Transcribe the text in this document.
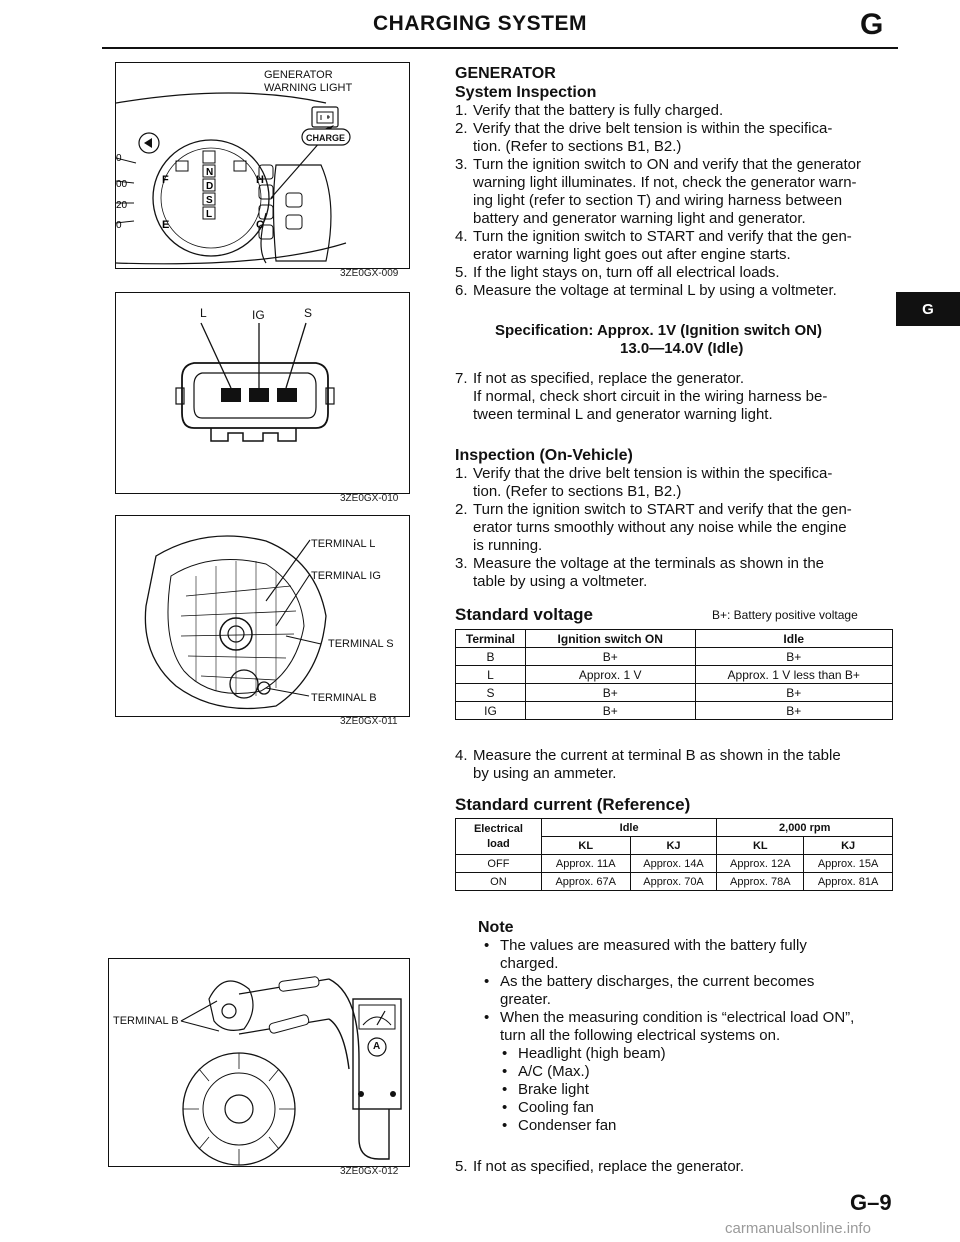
CHARGING SYSTEM	G
G
0
00
20
0
F	H
E	C
N
D
S
L
GENERATOR
WARNING LIGHT
CHARGE
3ZE0GX-009
L	IG	S
3ZE0GX-010
TERMINAL L
TERMINAL IG
TERMINAL S
TERMINAL B
3ZE0GX-011
TERMINAL B
A
3ZE0GX-012
GENERATOR
System Inspection
1. Verify that the battery is fully charged.
2. Verify that the drive belt tension is within the specifica-
tion. (Refer to sections B1, B2.)
3. Turn the ignition switch to ON and verify that the generator
warning light illuminates. If not, check the generator warn-
ing light (refer to section T) and wiring harness between
battery and generator warning light and generator.
4. Turn the ignition switch to START and verify that the gen-
erator warning light goes out after engine starts.
5. If the light stays on, turn off all electrical loads.
6. Measure the voltage at terminal L by using a voltmeter.
Specification: Approx. 1V (Ignition switch ON)
13.0—14.0V (Idle)
7. If not as specified, replace the generator.
If normal, check short circuit in the wiring harness be-
tween terminal L and generator warning light.
Inspection (On-Vehicle)
1. Verify that the drive belt tension is within the specifica-
tion. (Refer to sections B1, B2.)
2. Turn the ignition switch to START and verify that the gen-
erator turns smoothly without any noise while the engine
is running.
3. Measure the voltage at the terminals as shown in the
table by using a voltmeter.
Standard voltage	B+: Battery positive voltage
Terminal	Ignition switch ON	Idle
B	B+	B+
L	Approx. 1 V	Approx. 1 V less than B+
S	B+	B+
IG	B+	B+
4. Measure the current at terminal B as shown in the table
by using an ammeter.
Standard current (Reference)
Electrical
load	Idle		2,000 rpm	
	KL	KJ	KL	KJ
OFF	Approx. 11A	Approx. 14A	Approx. 12A	Approx. 15A
ON	Approx. 67A	Approx. 70A	Approx. 78A	Approx. 81A
Note
• The values are measured with the battery fully
charged.
• As the battery discharges, the current becomes
greater.
• When the measuring condition is “electrical load ON”,
turn all the following electrical systems on.
• Headlight (high beam)
• A/C (Max.)
• Brake light
• Cooling fan
• Condenser fan
5. If not as specified, replace the generator.
G–9
carmanualsonline.info
